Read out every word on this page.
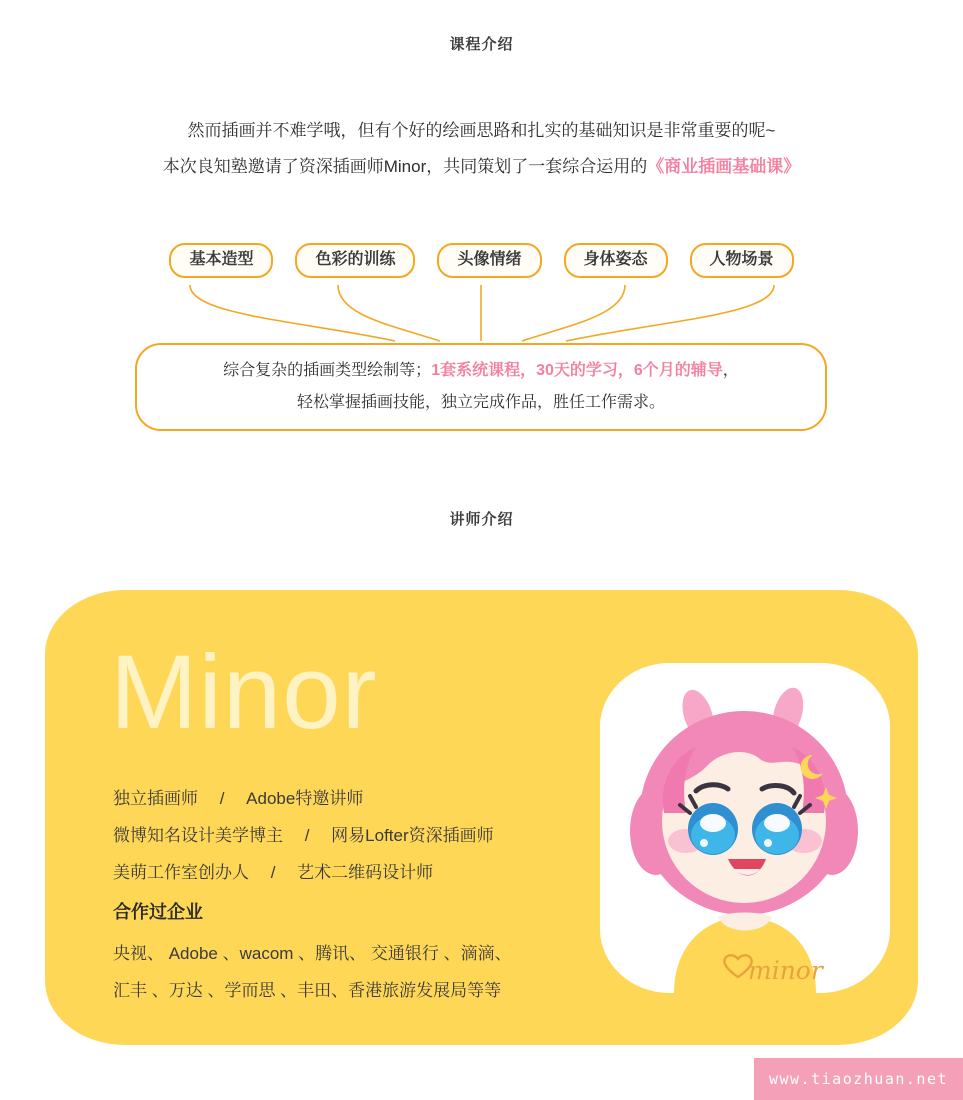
课程介绍
然而插画并不难学哦，但有个好的绘画思路和扎实的基础知识是非常重要的呢~
本次良知塾邀请了资深插画师Minor，共同策划了一套综合运用的《商业插画基础课》
基本造型	色彩的训练	头像情绪	身体姿态	人物场景
综合复杂的插画类型绘制等；1套系统课程，30天的学习，6个月的辅导，
轻松掌握插画技能，独立完成作品，胜任工作需求。
讲师介绍
Minor
独立插画师　 /　 Adobe特邀讲师
微博知名设计美学博主　 /　 网易Lofter资深插画师
美萌工作室创办人　 /　 艺术二维码设计师
合作过企业
央视、 Adobe 、wacom 、腾讯、 交通银行 、滴滴、
汇丰 、万达 、学而思 、丰田、香港旅游发展局等等
minor
www.tiaozhuan.net
